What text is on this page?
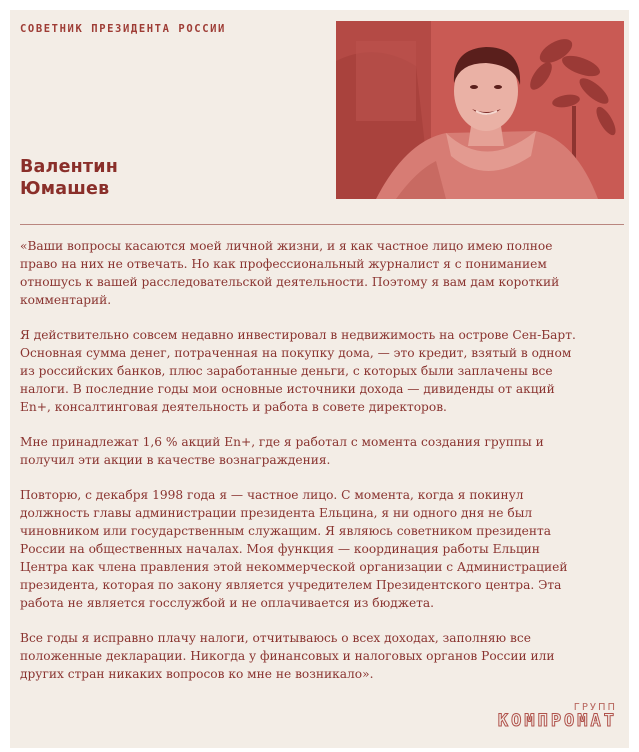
СОВЕТНИК ПРЕЗИДЕНТА РОССИИ
Валентин
Юмашев

«Ваши вопросы касаются моей личной жизни, и я как частное лицо имею полное право на них не отвечать. Но как профессиональный журналист я с пониманием отношусь к вашей расследовательской деятельности. Поэтому я вам дам короткий комментарий.

Я действительно совсем недавно инвестировал в недвижимость на острове Сен-Барт. Основная сумма денег, потраченная на покупку дома, — это кредит, взятый в одном из российских банков, плюс заработанные деньги, с которых были заплачены все налоги. В последние годы мои основные источники дохода — дивиденды от акций En+, консалтинговая деятельность и работа в совете директоров.

Мне принадлежат 1,6 % акций En+, где я работал с момента создания группы и получил эти акции в качестве вознаграждения.

Повторю, с декабря 1998 года я — частное лицо. С момента, когда я покинул должность главы администрации президента Ельцина, я ни одного дня не был чиновником или государственным служащим. Я являюсь советником президента России на общественных началах. Моя функция — координация работы Ельцин Центра как члена правления этой некоммерческой организации с Администрацией президента, которая по закону является учредителем Президентского центра. Эта работа не является госслужбой и не оплачивается из бюджета.

Все годы я исправно плачу налоги, отчитываюсь о всех доходах, заполняю все положенные декларации. Никогда у финансовых и налоговых органов России или других стран никаких вопросов ко мне не возникало».

ГРУПП
КОМПРОМАТ
